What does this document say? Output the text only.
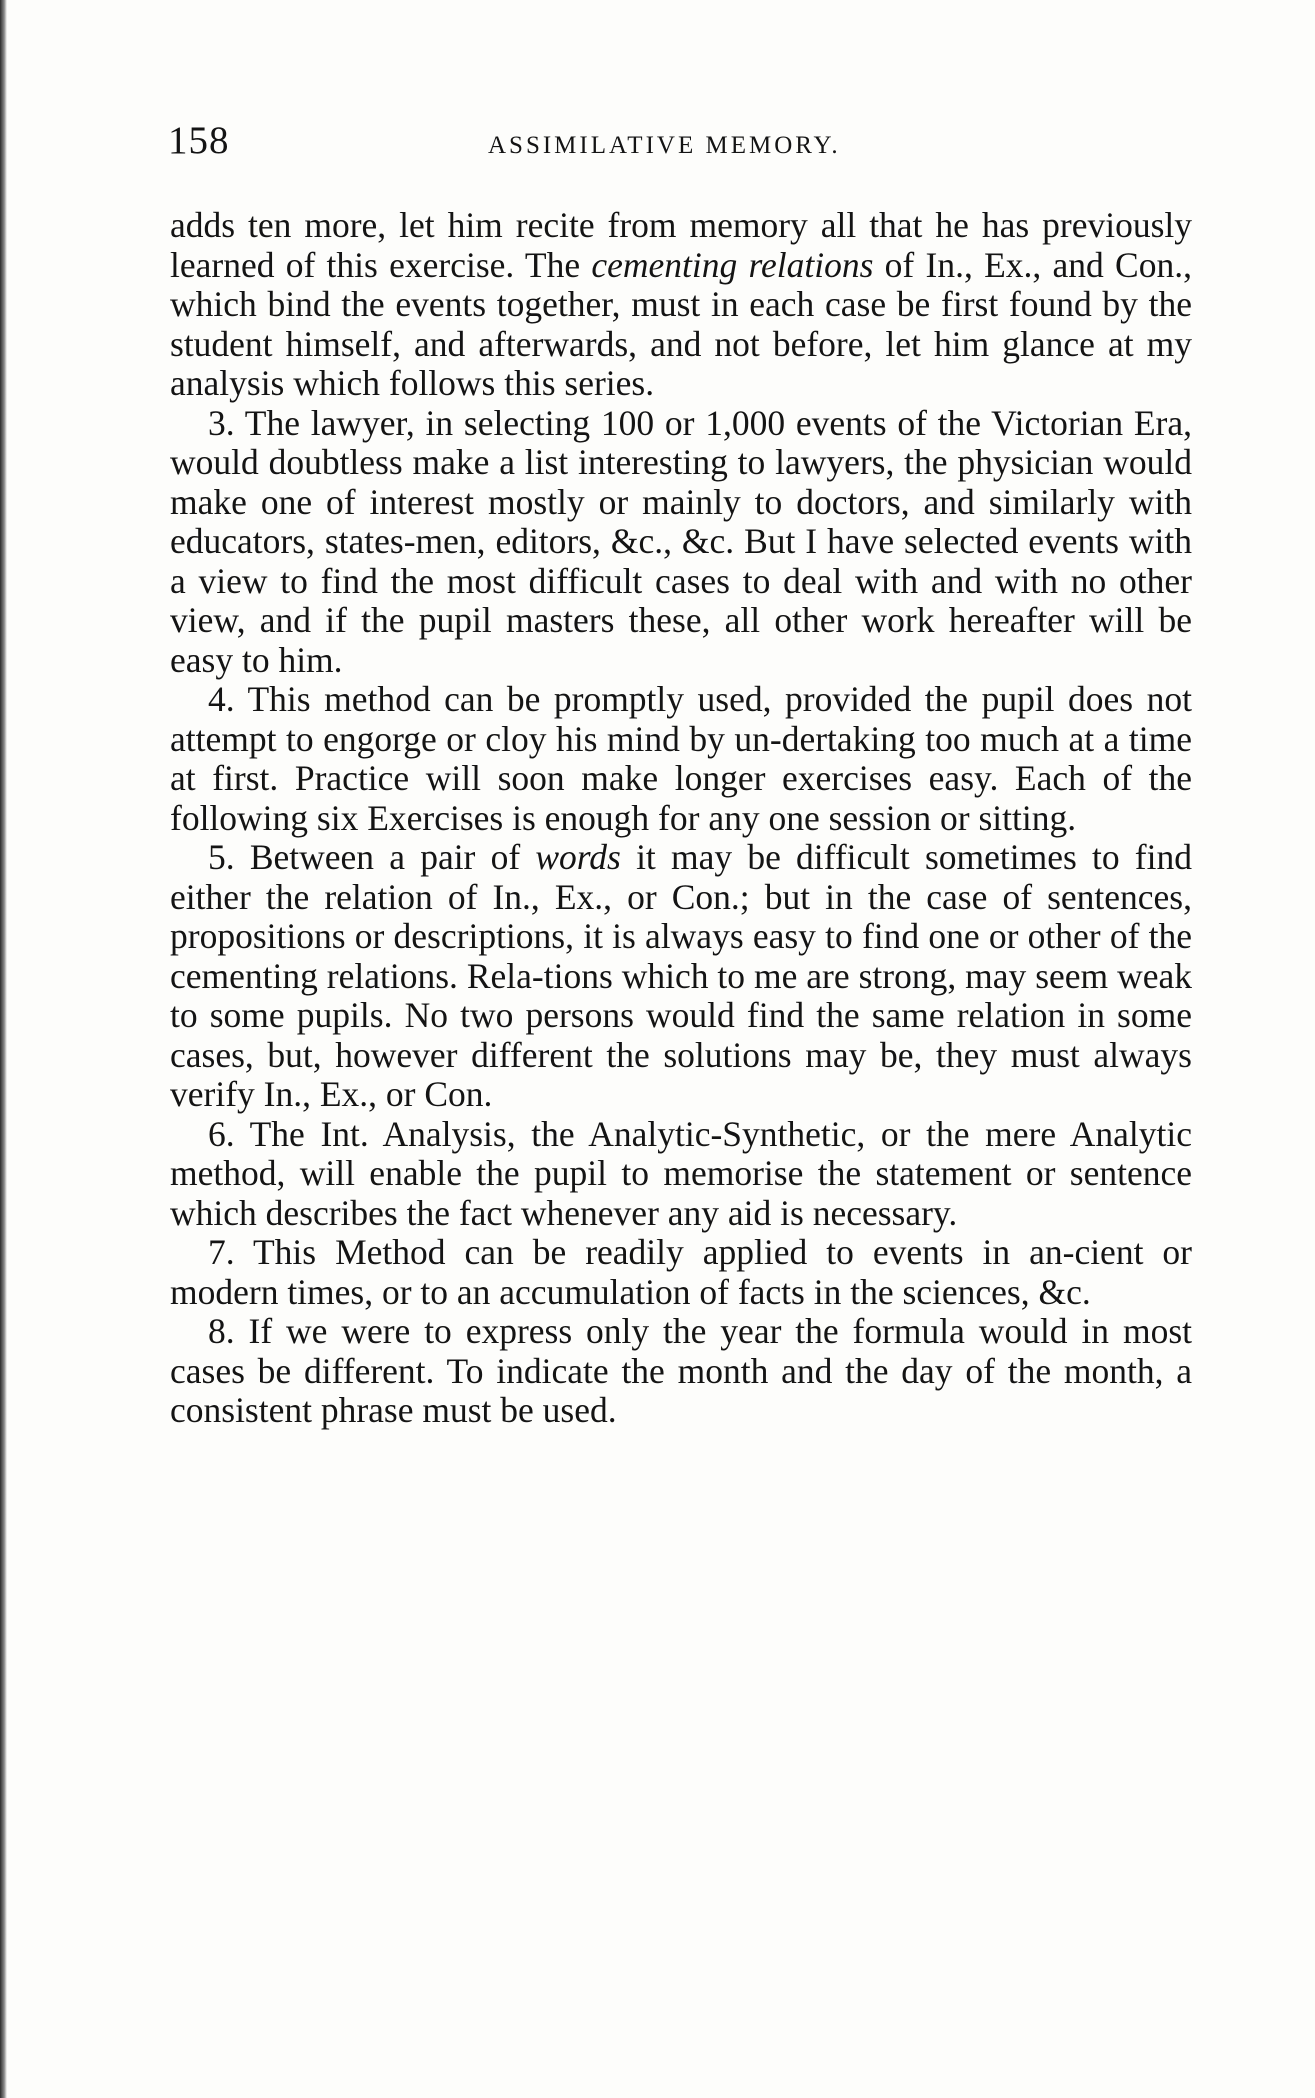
158	ASSIMILATIVE MEMORY.

adds ten more, let him recite from memory all that he has previously learned of this exercise. The cementing relations of In., Ex., and Con., which bind the events together, must in each case be first found by the student himself, and afterwards, and not before, let him glance at my analysis which follows this series.

3. The lawyer, in selecting 100 or 1,000 events of the Victorian Era, would doubtless make a list interesting to lawyers, the physician would make one of interest mostly or mainly to doctors, and similarly with educators, states-men, editors, &c., &c. But I have selected events with a view to find the most difficult cases to deal with and with no other view, and if the pupil masters these, all other work hereafter will be easy to him.

4. This method can be promptly used, provided the pupil does not attempt to engorge or cloy his mind by un-dertaking too much at a time at first. Practice will soon make longer exercises easy. Each of the following six Exercises is enough for any one session or sitting.

5. Between a pair of words it may be difficult sometimes to find either the relation of In., Ex., or Con.; but in the case of sentences, propositions or descriptions, it is always easy to find one or other of the cementing relations. Rela-tions which to me are strong, may seem weak to some pupils. No two persons would find the same relation in some cases, but, however different the solutions may be, they must always verify In., Ex., or Con.

6. The Int. Analysis, the Analytic-Synthetic, or the mere Analytic method, will enable the pupil to memorise the statement or sentence which describes the fact whenever any aid is necessary.

7. This Method can be readily applied to events in an-cient or modern times, or to an accumulation of facts in the sciences, &c.

8. If we were to express only the year the formula would in most cases be different. To indicate the month and the day of the month, a consistent phrase must be used.
